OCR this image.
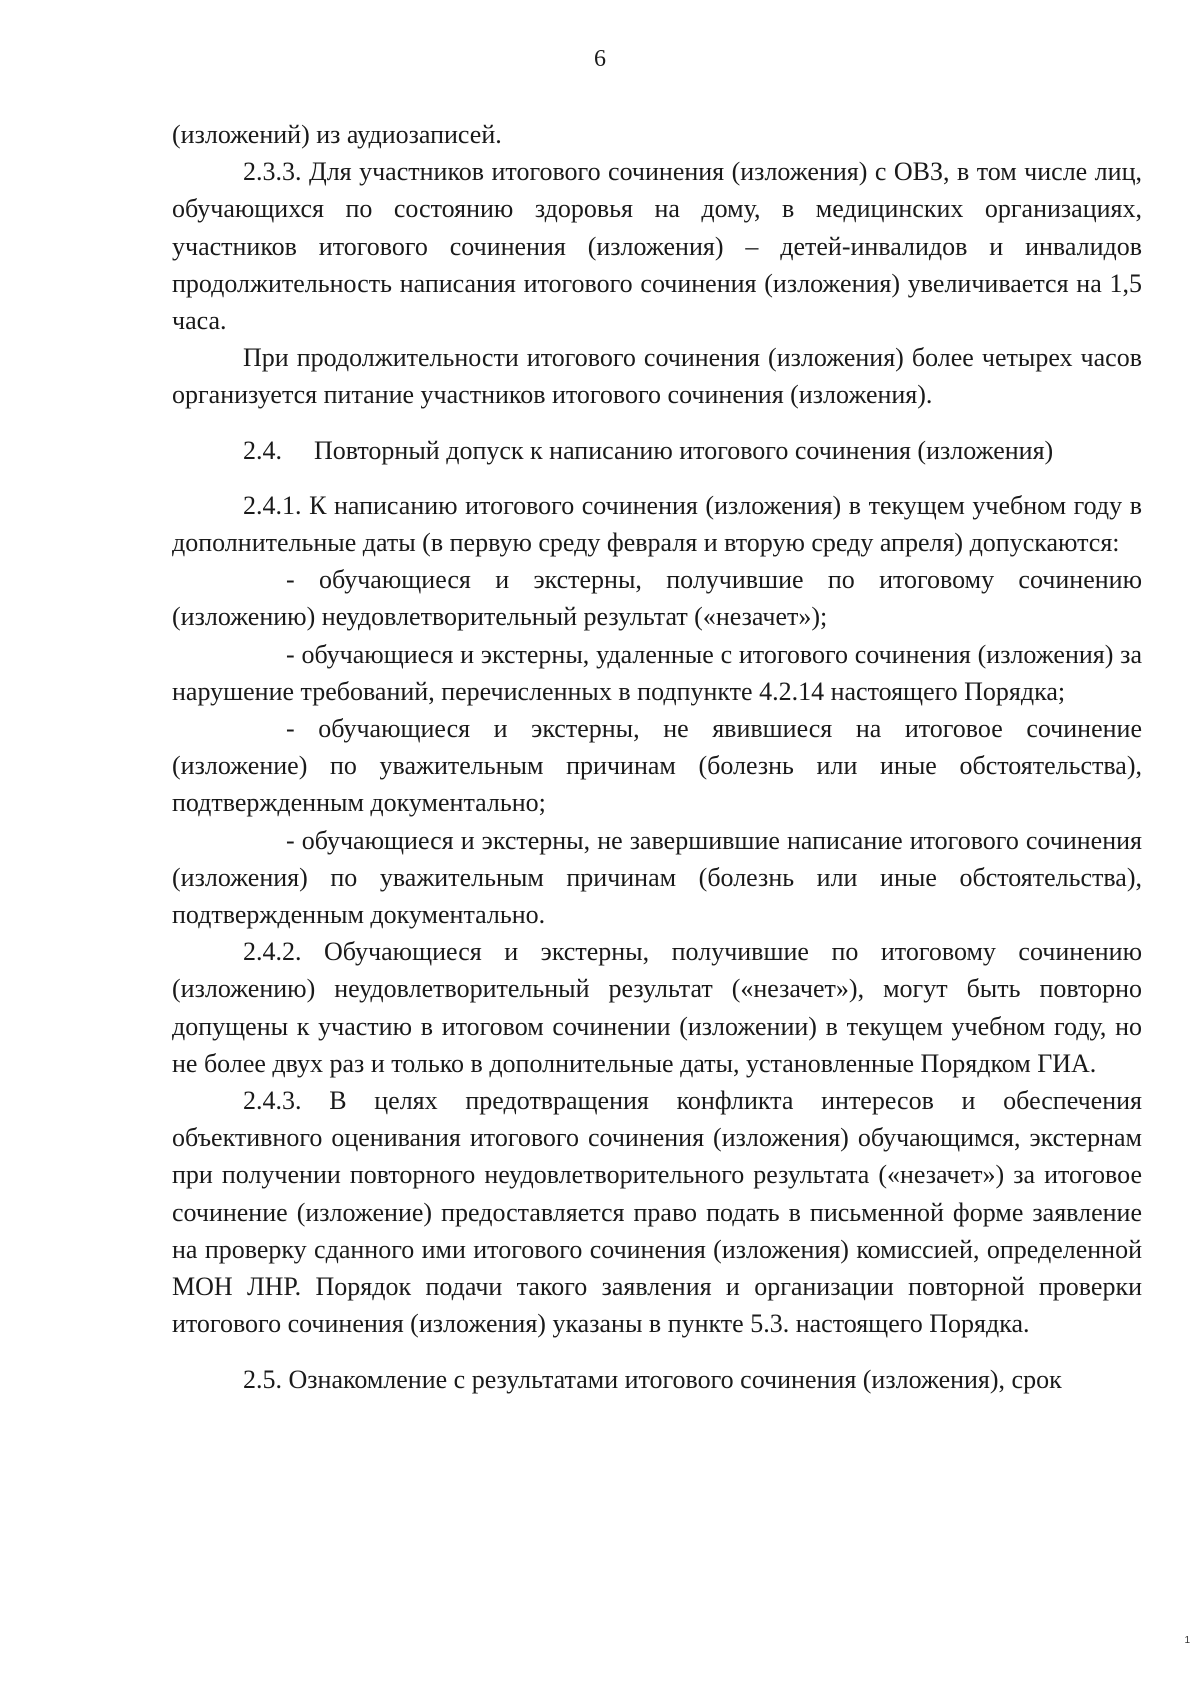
6

(изложений) из аудиозаписей.

2.3.3. Для участников итогового сочинения (изложения) с ОВЗ, в том числе лиц, обучающихся по состоянию здоровья на дому, в медицинских организациях, участников итогового сочинения (изложения) – детей-инвалидов и инвалидов продолжительность написания итогового сочинения (изложения) увеличивается на 1,5 часа.

При продолжительности итогового сочинения (изложения) более четырех часов организуется питание участников итогового сочинения (изложения).

2.4. Повторный допуск к написанию итогового сочинения (изложения)

2.4.1. К написанию итогового сочинения (изложения) в текущем учебном году в дополнительные даты (в первую среду февраля и вторую среду апреля) допускаются:

- обучающиеся и экстерны, получившие по итоговому сочинению (изложению) неудовлетворительный результат («незачет»);

- обучающиеся и экстерны, удаленные с итогового сочинения (изложения) за нарушение требований, перечисленных в подпункте 4.2.14 настоящего Порядка;

- обучающиеся и экстерны, не явившиеся на итоговое сочинение (изложение) по уважительным причинам (болезнь или иные обстоятельства), подтвержденным документально;

- обучающиеся и экстерны, не завершившие написание итогового сочинения (изложения) по уважительным причинам (болезнь или иные обстоятельства), подтвержденным документально.

2.4.2. Обучающиеся и экстерны, получившие по итоговому сочинению (изложению) неудовлетворительный результат («незачет»), могут быть повторно допущены к участию в итоговом сочинении (изложении) в текущем учебном году, но не более двух раз и только в дополнительные даты, установленные Порядком ГИА.

2.4.3. В целях предотвращения конфликта интересов и обеспечения объективного оценивания итогового сочинения (изложения) обучающимся, экстернам при получении повторного неудовлетворительного результата («незачет») за итоговое сочинение (изложение) предоставляется право подать в письменной форме заявление на проверку сданного ими итогового сочинения (изложения) комиссией, определенной МОН ЛНР. Порядок подачи такого заявления и организации повторной проверки итогового сочинения (изложения) указаны в пункте 5.3. настоящего Порядка.

2.5. Ознакомление с результатами итогового сочинения (изложения), срок

1
